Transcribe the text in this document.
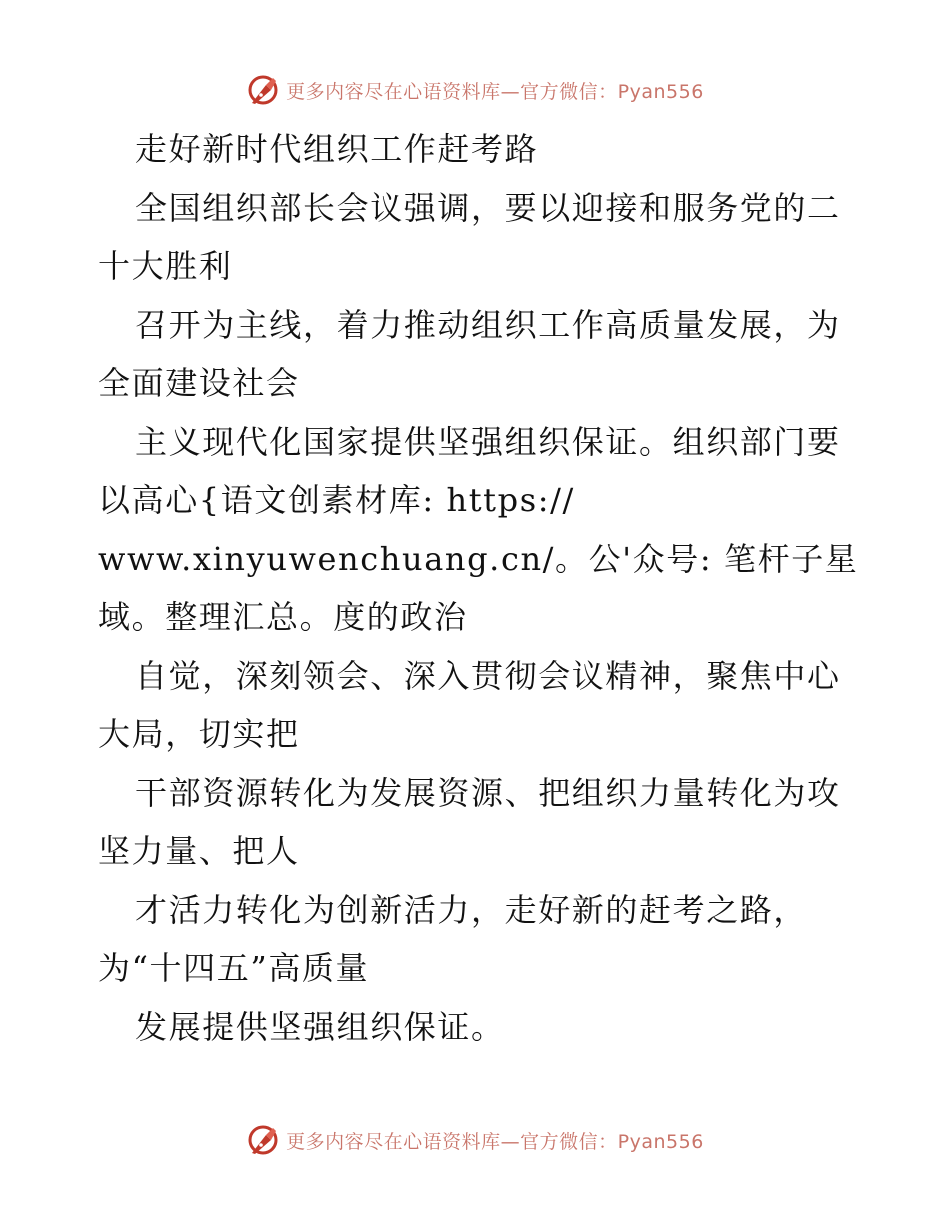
更多内容尽在心语资料库—官方微信：Pyan556
走好新时代组织工作赶考路
全国组织部长会议强调，要以迎接和服务党的二
十大胜利
召开为主线，着力推动组织工作高质量发展，为
全面建设社会
主义现代化国家提供坚强组织保证。组织部门要
以高心{语文创素材库: https://
www.xinyuwenchuang.cn/。公'众号: 笔杆子星
域。整理汇总。度的政治
自觉，深刻领会、深入贯彻会议精神，聚焦中心
大局，切实把
干部资源转化为发展资源、把组织力量转化为攻
坚力量、把人
才活力转化为创新活力，走好新的赶考之路，
为“十四五”高质量
发展提供坚强组织保证。
更多内容尽在心语资料库—官方微信：Pyan556
